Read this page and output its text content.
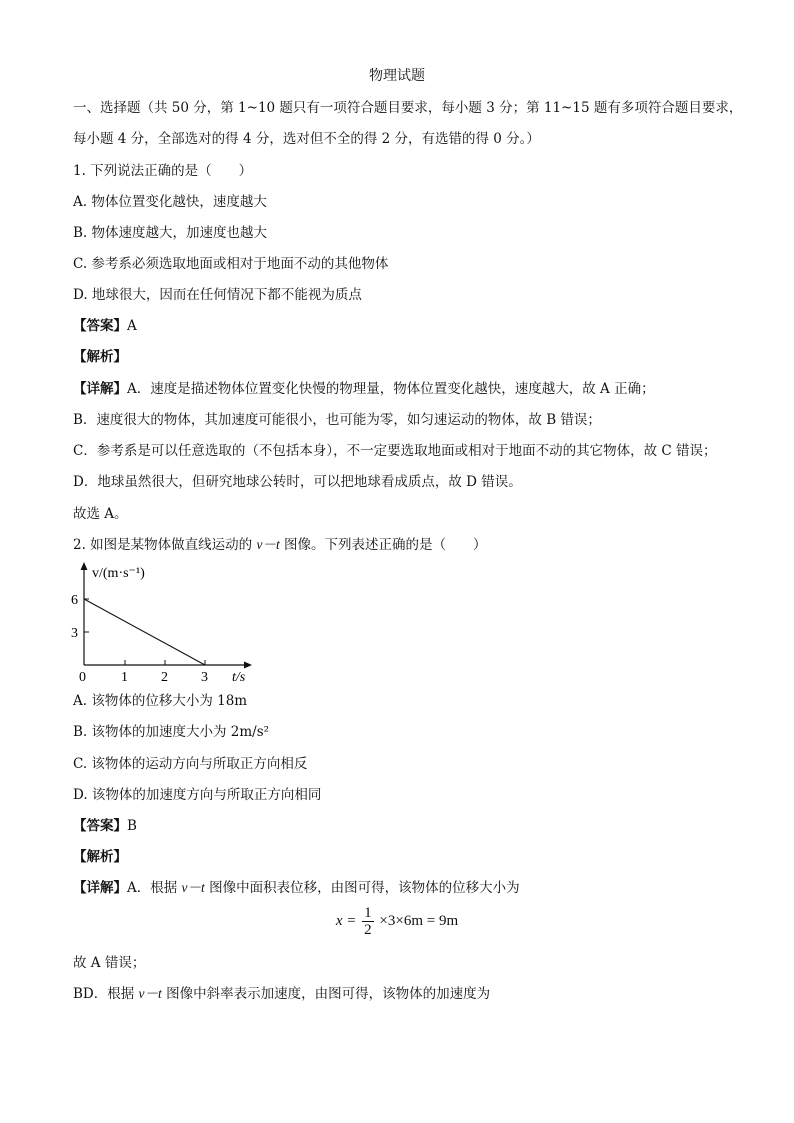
物理试题
一、选择题（共 50 分，第 1~10 题只有一项符合题目要求，每小题 3 分；第 11~15 题有多项符合题目要求，
每小题 4 分，全部选对的得 4 分，选对但不全的得 2 分，有选错的得 0 分。）
1. 下列说法正确的是（　　）
A. 物体位置变化越快，速度越大
B. 物体速度越大，加速度也越大
C. 参考系必须选取地面或相对于地面不动的其他物体
D. 地球很大，因而在任何情况下都不能视为质点
【答案】A
【解析】
【详解】A．速度是描述物体位置变化快慢的物理量，物体位置变化越快，速度越大，故 A 正确；
B．速度很大的物体，其加速度可能很小，也可能为零，如匀速运动的物体，故 B 错误；
C．参考系是可以任意选取的（不包括本身），不一定要选取地面或相对于地面不动的其它物体，故 C 错误；
D．地球虽然很大，但研究地球公转时，可以把地球看成质点，故 D 错误。
故选 A。
2. 如图是某物体做直线运动的 v－t 图像。下列表述正确的是（　　）
v/(m·s⁻¹)
6
3
0	1 2 3 t/s
A. 该物体的位移大小为 18m
B. 该物体的加速度大小为 2m/s²
C. 该物体的运动方向与所取正方向相反
D. 该物体的加速度方向与所取正方向相同
【答案】B
【解析】
【详解】A．根据 v－t 图像中面积表位移，由图可得，该物体的位移大小为
$x = \frac{1}{2} \times 3\times 6m = 9m$
故 A 错误；
BD．根据 v－t 图像中斜率表示加速度，由图可得，该物体的加速度为
